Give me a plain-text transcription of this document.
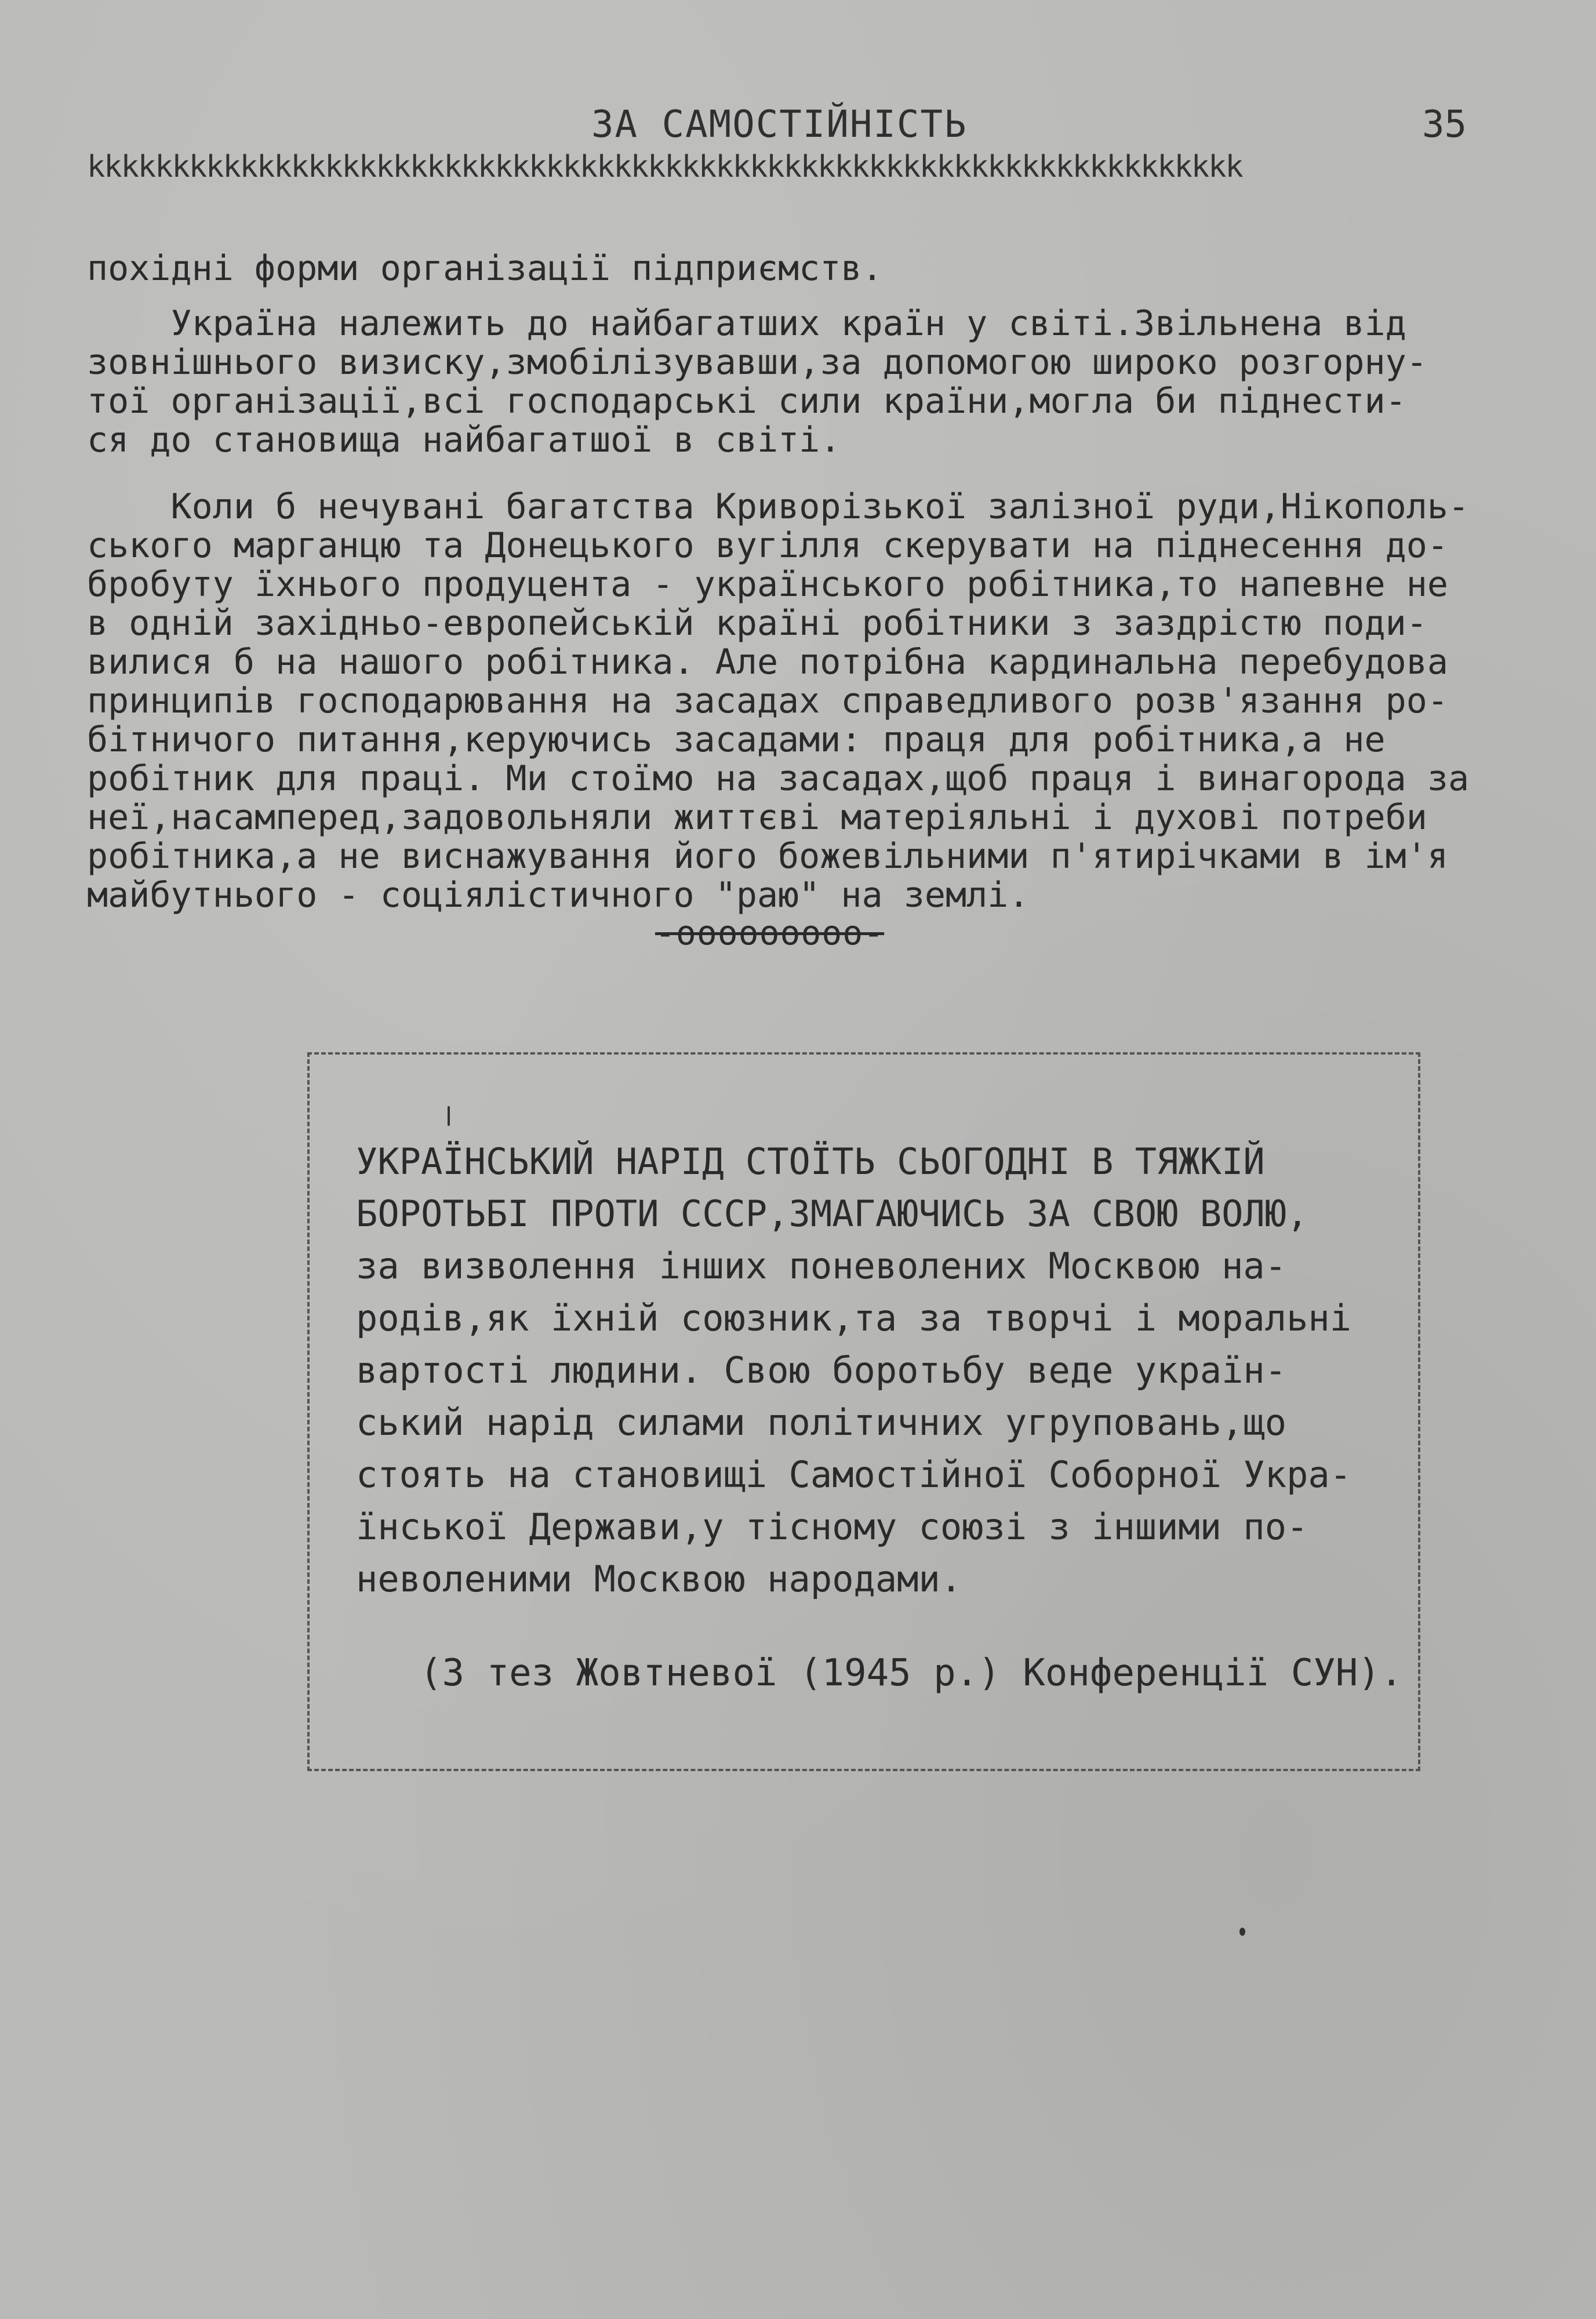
ЗА САМОСТІЙНІСТЬ	35
kkkkkkkkkkkkkkkkkkkkkkkkkkkkkkkkkkkkkkkkkkkkkkkkkkkkkkkkkkkkkkkkkkkk

похідні форми організації підприємств.

Україна належить до найбагатших країн у світі.Звільнена від
зовнішнього визиску,змобілізувавши,за допомогою широко розгорну-
тої організації,всі господарські сили країни,могла би піднести-
ся до становища найбагатшої в світі.

Коли б нечувані багатства Криворізької залізної руди,Нікополь-
ського марганцю та Донецького вугілля скерувати на піднесення до-
бробуту їхнього продуцента - українського робітника,то напевне не
в одній західньо-европейській країні робітники з заздрістю поди-
вилися б на нашого робітника. Але потрібна кардинальна перебудова
принципів господарювання на засадах справедливого розв'язання ро-
бітничого питання,керуючись засадами: праця для робітника,а не
робітник для праці. Ми стоїмо на засадах,щоб праця і винагорода за
неї,насамперед,задовольняли життєві матеріяльні і духові потреби
робітника,а не виснажування його божевільними п'ятирічками в ім'я
майбутнього - соціялістичного "раю" на землі.

-ооооооооо-
УКРАЇНСЬКИЙ НАРІД СТОЇТЬ СЬОГОДНІ В ТЯЖКІЙ
БОРОТЬБІ ПРОТИ СССР,ЗМАГАЮЧИСЬ ЗА СВОЮ ВОЛЮ,
за визволення інших поневолених Москвою на-
родів,як їхній союзник,та за творчі і моральні
вартості людини. Свою боротьбу веде україн-
ський нарід силами політичних угруповань,що
стоять на становищі Самостійної Соборної Укра-
їнської Держави,у тісному союзі з іншими по-
неволеними Москвою народами.
(З тез Жовтневої (1945 р.) Конференції СУН).
